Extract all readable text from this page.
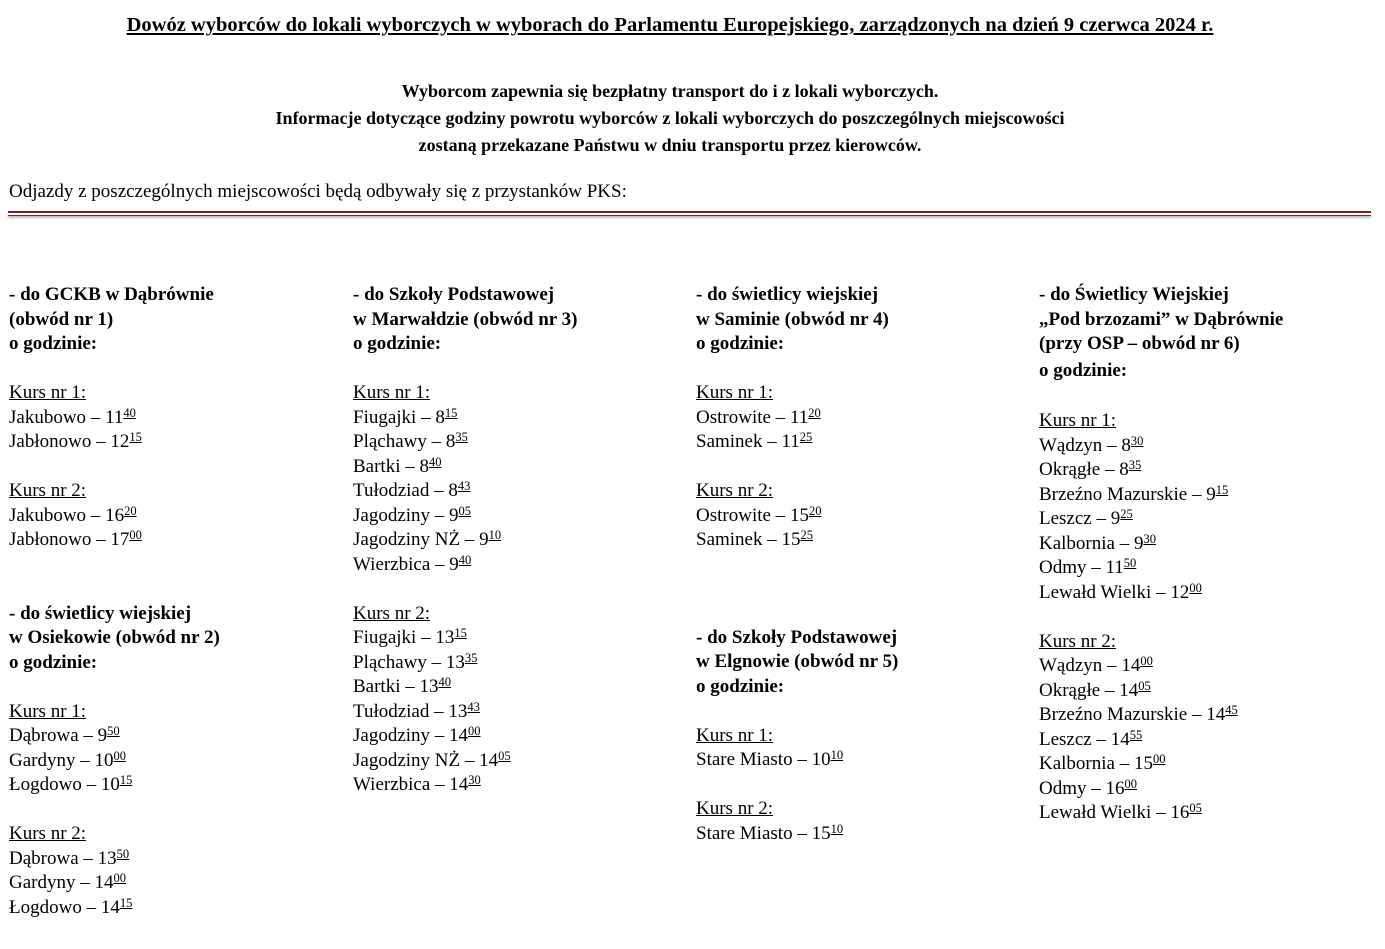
Dowóz wyborców do lokali wyborczych w wyborach do Parlamentu Europejskiego, zarządzonych na dzień 9 czerwca 2024 r.
Wyborcom zapewnia się bezpłatny transport do i z lokali wyborczych.
Informacje dotyczące godziny powrotu wyborców z lokali wyborczych do poszczególnych miejscowości
zostaną przekazane Państwu w dniu transportu przez kierowców.
Odjazdy z poszczególnych miejscowości będą odbywały się z przystanków PKS:
- do GCKB w Dąbrównie
(obwód nr 1)
o godzinie:
Kurs nr 1:
Jakubowo – $11^{40}$
Jabłonowo – $12^{15}$
Kurs nr 2:
Jakubowo – $16^{20}$
Jabłonowo – $17^{00}$
- do świetlicy wiejskiej
w Osiekowie (obwód nr 2)
o godzinie:
Kurs nr 1:
Dąbrowa – $9^{50}$
Gardyny – $10^{00}$
Łogdowo – $10^{15}$
Kurs nr 2:
Dąbrowa – $13^{50}$
Gardyny – $14^{00}$
Łogdowo – $14^{15}$
- do Szkoły Podstawowej
w Marwałdzie (obwód nr 3)
o godzinie:
Kurs nr 1:
Fiugajki – $8^{15}$
Pląchawy – $8^{35}$
Bartki – $8^{40}$
Tułodziad – $8^{43}$
Jagodziny – $9^{05}$
Jagodziny NŻ – $9^{10}$
Wierzbica – $9^{40}$
Kurs nr 2:
Fiugajki – $13^{15}$
Pląchawy – $13^{35}$
Bartki – $13^{40}$
Tułodziad – $13^{43}$
Jagodziny – $14^{00}$
Jagodziny NŻ – $14^{05}$
Wierzbica – $14^{30}$
- do świetlicy wiejskiej
w Saminie (obwód nr 4)
o godzinie:
Kurs nr 1:
Ostrowite – $11^{20}$
Saminek – $11^{25}$
Kurs nr 2:
Ostrowite – $15^{20}$
Saminek – $15^{25}$
- do Szkoły Podstawowej
w Elgnowie (obwód nr 5)
o godzinie:
Kurs nr 1:
Stare Miasto – $10^{10}$
Kurs nr 2:
Stare Miasto – $15^{10}$
- do Świetlicy Wiejskiej
„Pod brzozami” w Dąbrównie
(przy OSP – obwód nr 6)
o godzinie:
Kurs nr 1:
Wądzyn – $8^{30}$
Okrągłe – $8^{35}$
Brzeźno Mazurskie – $9^{15}$
Leszcz – $9^{25}$
Kalbornia – $9^{30}$
Odmy – $11^{50}$
Lewałd Wielki – $12^{00}$
Kurs nr 2:
Wądzyn – $14^{00}$
Okrągłe – $14^{05}$
Brzeźno Mazurskie – $14^{45}$
Leszcz – $14^{55}$
Kalbornia – $15^{00}$
Odmy – $16^{00}$
Lewałd Wielki – $16^{05}$
